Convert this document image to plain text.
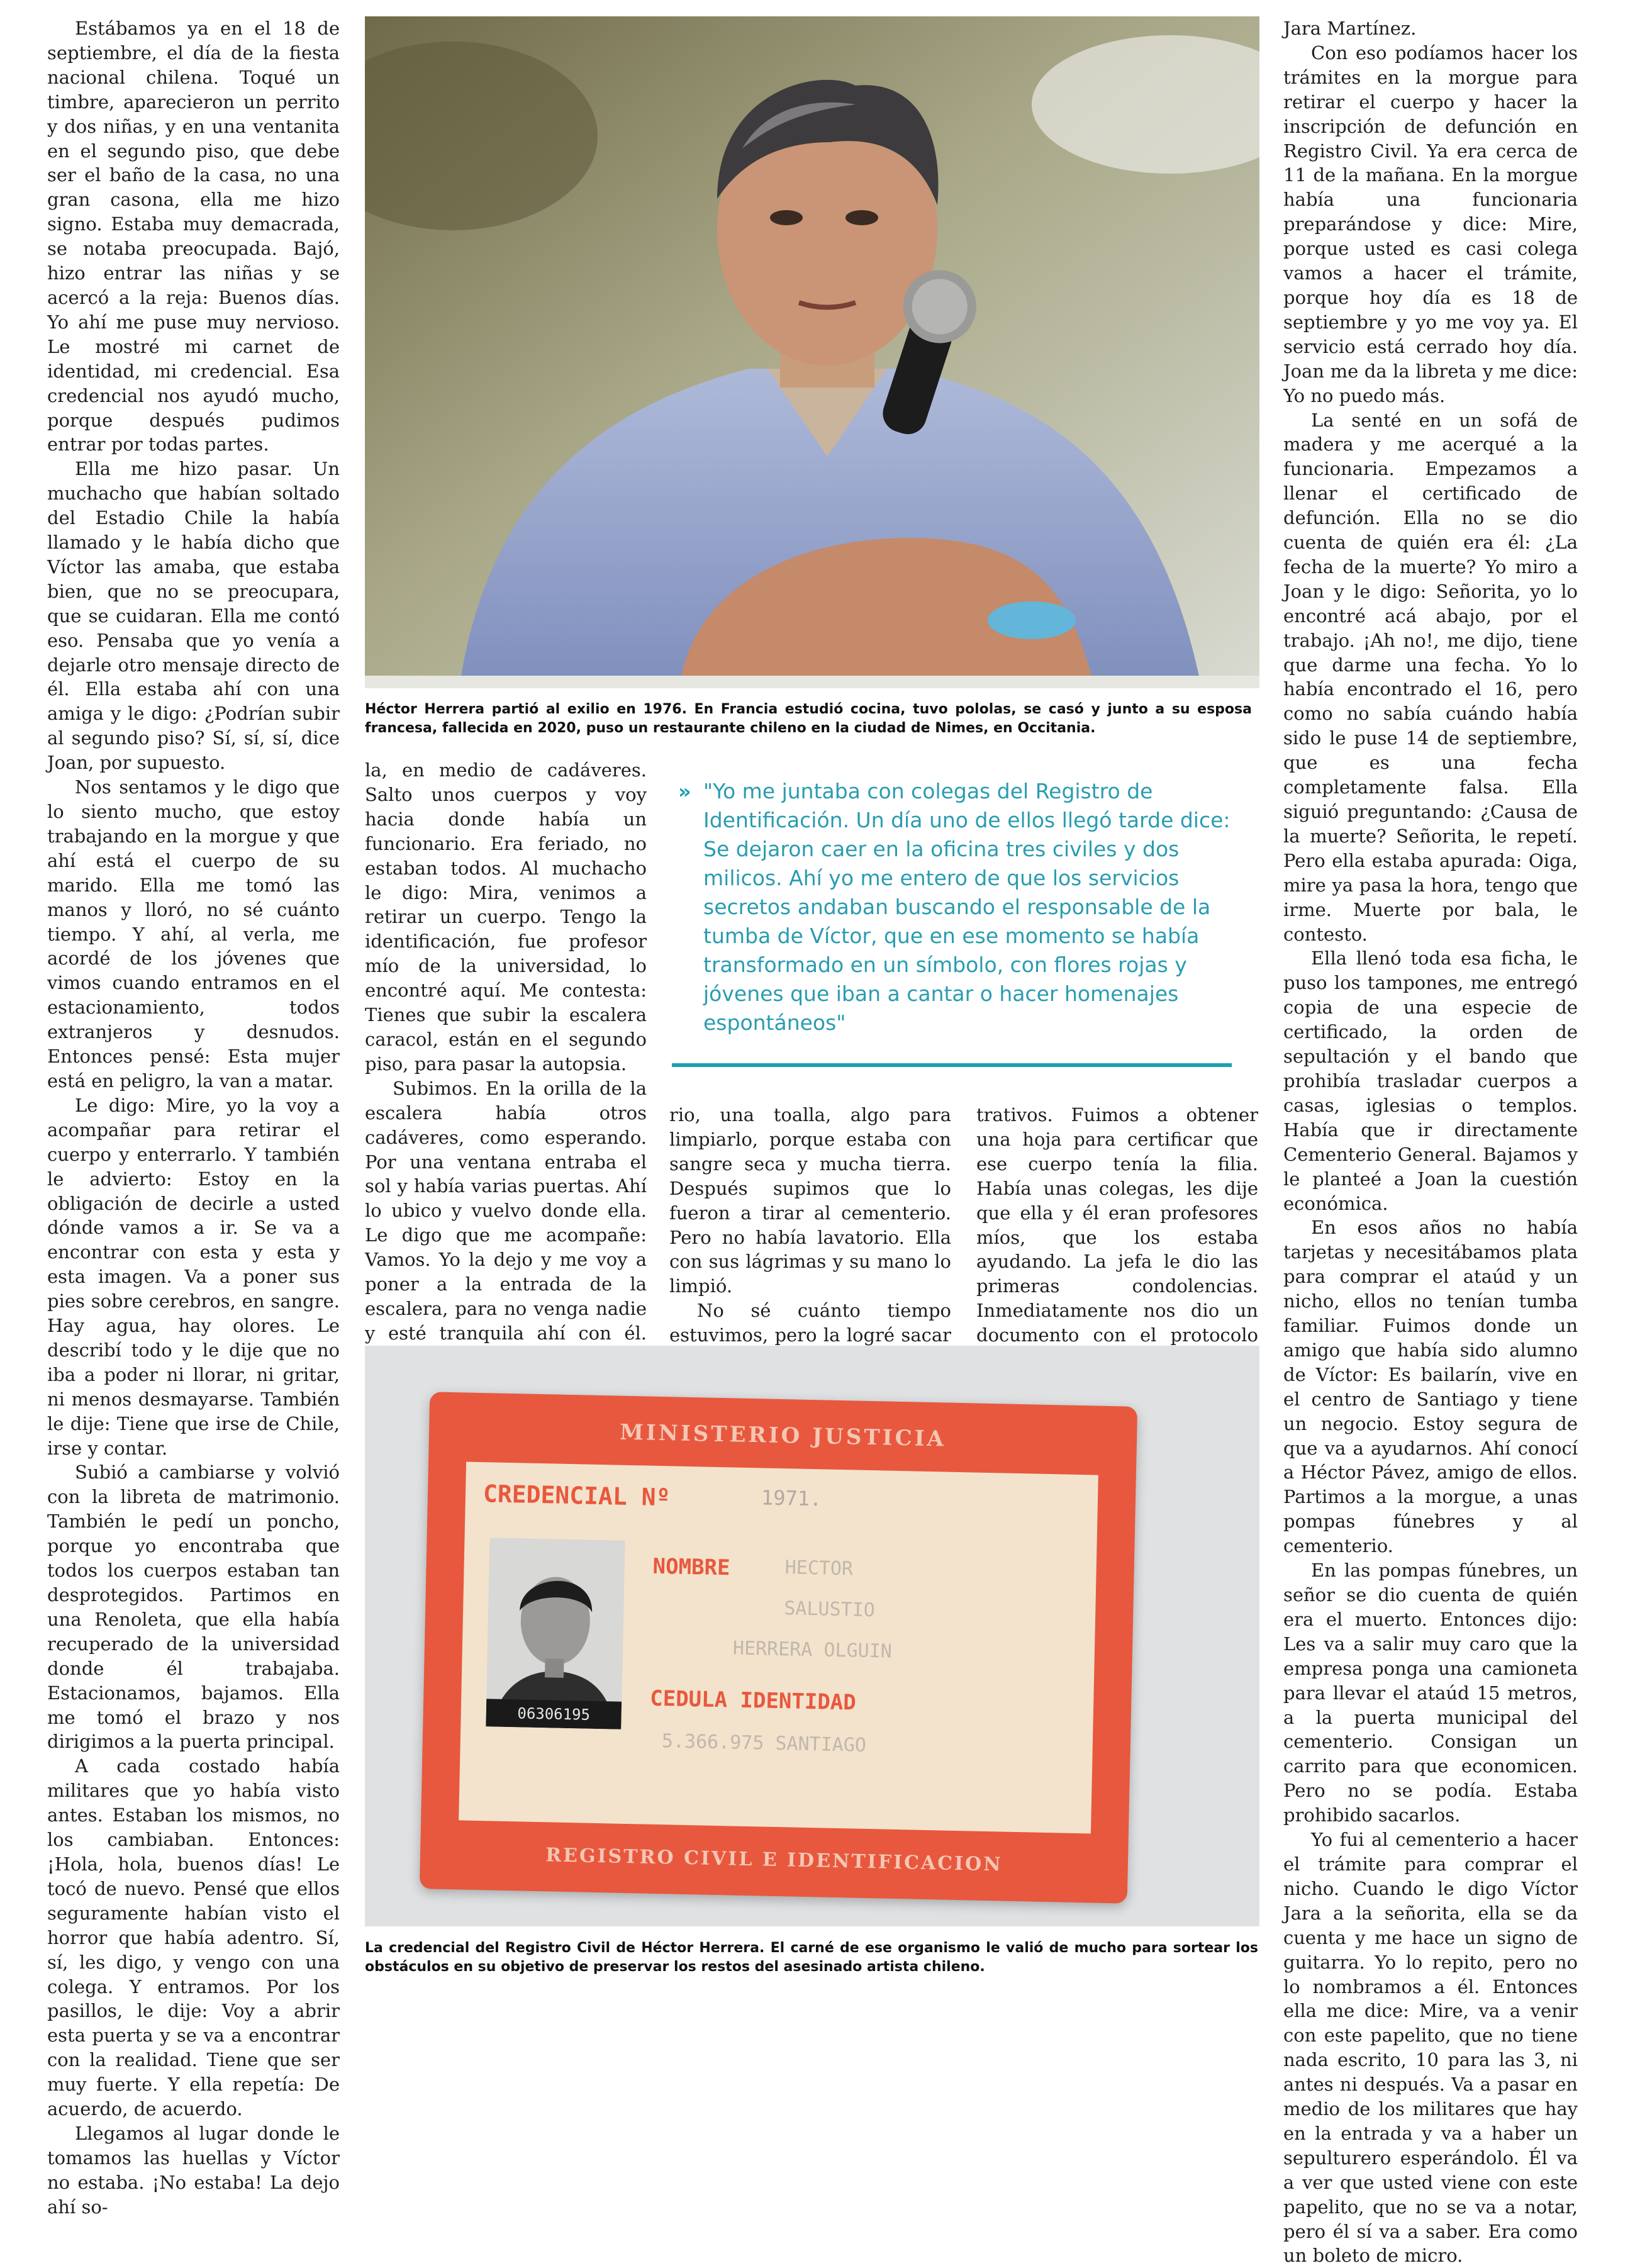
Estábamos ya en el 18 de septiembre, el día de la fiesta nacional chilena. Toqué un timbre, aparecieron un perrito y dos niñas, y en una ventanita en el segundo piso, que debe ser el baño de la casa, no una gran casona, ella me hizo signo. Estaba muy demacrada, se notaba preocupada. Bajó, hizo entrar las niñas y se acercó a la reja: Buenos días. Yo ahí me puse muy nervioso. Le mostré mi carnet de identidad, mi credencial. Esa credencial nos ayudó mucho, porque después pudimos entrar por todas partes.

Ella me hizo pasar. Un muchacho que habían soltado del Estadio Chile la había llamado y le había dicho que Víctor las amaba, que estaba bien, que no se preocupara, que se cuidaran. Ella me contó eso. Pensaba que yo venía a dejarle otro mensaje directo de él. Ella estaba ahí con una amiga y le digo: ¿Podrían subir al segundo piso? Sí, sí, sí, dice Joan, por supuesto.

Nos sentamos y le digo que lo siento mucho, que estoy trabajando en la morgue y que ahí está el cuerpo de su marido. Ella me tomó las manos y lloró, no sé cuánto tiempo. Y ahí, al verla, me acordé de los jóvenes que vimos cuando entramos en el estacionamiento, todos extranjeros y desnudos. Entonces pensé: Esta mujer está en peligro, la van a matar.

Le digo: Mire, yo la voy a acompañar para retirar el cuerpo y enterrarlo. Y también le advierto: Estoy en la obligación de decirle a usted dónde vamos a ir. Se va a encontrar con esta y esta y esta imagen. Va a poner sus pies sobre cerebros, en sangre. Hay agua, hay olores. Le describí todo y le dije que no iba a poder ni llorar, ni gritar, ni menos desmayarse. También le dije: Tiene que irse de Chile, irse y contar.

Subió a cambiarse y volvió con la libreta de matrimonio. También le pedí un poncho, porque yo encontraba que todos los cuerpos estaban tan desprotegidos. Partimos en una Renoleta, que ella había recuperado de la universidad donde él trabajaba. Estacionamos, bajamos. Ella me tomó el brazo y nos dirigimos a la puerta principal.

A cada costado había militares que yo había visto antes. Estaban los mismos, no los cambiaban. Entonces: ¡Hola, hola, buenos días! Le tocó de nuevo. Pensé que ellos seguramente habían visto el horror que había adentro. Sí, sí, les digo, y vengo con una colega. Y entramos. Por los pasillos, le dije: Voy a abrir esta puerta y se va a encontrar con la realidad. Tiene que ser muy fuerte. Y ella repetía: De acuerdo, de acuerdo.

Llegamos al lugar donde le tomamos las huellas y Víctor no estaba. ¡No estaba! La dejo ahí so-

Héctor Herrera partió al exilio en 1976. En Francia estudió cocina, tuvo pololas, se casó y junto a su esposa francesa, fallecida en 2020, puso un restaurante chileno en la ciudad de Nimes, en Occitania.

la, en medio de cadáveres. Salto unos cuerpos y voy hacia donde había un funcionario. Era feriado, no estaban todos. Al muchacho le digo: Mira, venimos a retirar un cuerpo. Tengo la identificación, fue profesor mío de la universidad, lo encontré aquí. Me contesta: Tienes que subir la escalera caracol, están en el segundo piso, para pasar la autopsia.

Subimos. En la orilla de la escalera había otros cadáveres, como esperando. Por una ventana entraba el sol y había varias puertas. Ahí lo ubico y vuelvo donde ella. Le digo que me acompañe: Vamos. Yo la dejo y me voy a poner a la entrada de la escalera, para no venga nadie y esté tranquila ahí con él.

» "Yo me juntaba con colegas del Registro de Identificación. Un día uno de ellos llegó tarde dice: Se dejaron caer en la oficina tres civiles y dos milicos. Ahí yo me entero de que los servicios secretos andaban buscando el responsable de la tumba de Víctor, que en ese momento se había transformado en un símbolo, con flores rojas y jóvenes que iban a cantar o hacer homenajes espontáneos"

rio, una toalla, algo para limpiarlo, porque estaba con sangre seca y mucha tierra. Después supimos que lo fueron a tirar al cementerio. Pero no había lavatorio. Ella con sus lágrimas y su mano lo limpió.

No sé cuánto tiempo estuvimos, pero la logré sacar

trativos. Fuimos a obtener una hoja para certificar que ese cuerpo tenía la filia. Había unas colegas, les dije que ella y él eran profesores míos, que los estaba ayudando. La jefa le dio las primeras condolencias. Inmediatamente nos dio un documento con el protocolo

MINISTERIO JUSTICIA
CREDENCIAL Nº	1971.
06306195
NOMBRE	HECTOR
SALUSTIO
HERRERA OLGUIN
CEDULA IDENTIDAD
5.366.975 SANTIAGO
REGISTRO CIVIL E IDENTIFICACION
La credencial del Registro Civil de Héctor Herrera. El carné de ese organismo le valió de mucho para sortear los obstáculos en su objetivo de preservar los restos del asesinado artista chileno.

Jara Martínez.

Con eso podíamos hacer los trámites en la morgue para retirar el cuerpo y hacer la inscripción de defunción en Registro Civil. Ya era cerca de 11 de la mañana. En la morgue había una funcionaria preparándose y dice: Mire, porque usted es casi colega vamos a hacer el trámite, porque hoy día es 18 de septiembre y yo me voy ya. El servicio está cerrado hoy día. Joan me da la libreta y me dice: Yo no puedo más.

La senté en un sofá de madera y me acerqué a la funcionaria. Empezamos a llenar el certificado de defunción. Ella no se dio cuenta de quién era él: ¿La fecha de la muerte? Yo miro a Joan y le digo: Señorita, yo lo encontré acá abajo, por el trabajo. ¡Ah no!, me dijo, tiene que darme una fecha. Yo lo había encontrado el 16, pero como no sabía cuándo había sido le puse 14 de septiembre, que es una fecha completamente falsa. Ella siguió preguntando: ¿Causa de la muerte? Señorita, le repetí. Pero ella estaba apurada: Oiga, mire ya pasa la hora, tengo que irme. Muerte por bala, le contesto.

Ella llenó toda esa ficha, le puso los tampones, me entregó copia de una especie de certificado, la orden de sepultación y el bando que prohibía trasladar cuerpos a casas, iglesias o templos. Había que ir directamente Cementerio General. Bajamos y le planteé a Joan la cuestión económica.

En esos años no había tarjetas y necesitábamos plata para comprar el ataúd y un nicho, ellos no tenían tumba familiar. Fuimos donde un amigo que había sido alumno de Víctor: Es bailarín, vive en el centro de Santiago y tiene un negocio. Estoy segura de que va a ayudarnos. Ahí conocí a Héctor Pávez, amigo de ellos. Partimos a la morgue, a unas pompas fúnebres y al cementerio.

En las pompas fúnebres, un señor se dio cuenta de quién era el muerto. Entonces dijo: Les va a salir muy caro que la empresa ponga una camioneta para llevar el ataúd 15 metros, a la puerta municipal del cementerio. Consigan un carrito para que economicen. Pero no se podía. Estaba prohibido sacarlos.

Yo fui al cementerio a hacer el trámite para comprar el nicho. Cuando le digo Víctor Jara a la señorita, ella se da cuenta y me hace un signo de guitarra. Yo lo repito, pero no lo nombramos a él. Entonces ella me dice: Mire, va a venir con este papelito, que no tiene nada escrito, 10 para las 3, ni antes ni después. Va a pasar en medio de los militares que hay en la entrada y va a haber un sepulturero esperándolo. Él va a ver que usted viene con este papelito, que no se va a notar, pero él sí va a saber. Era como un boleto de micro.
